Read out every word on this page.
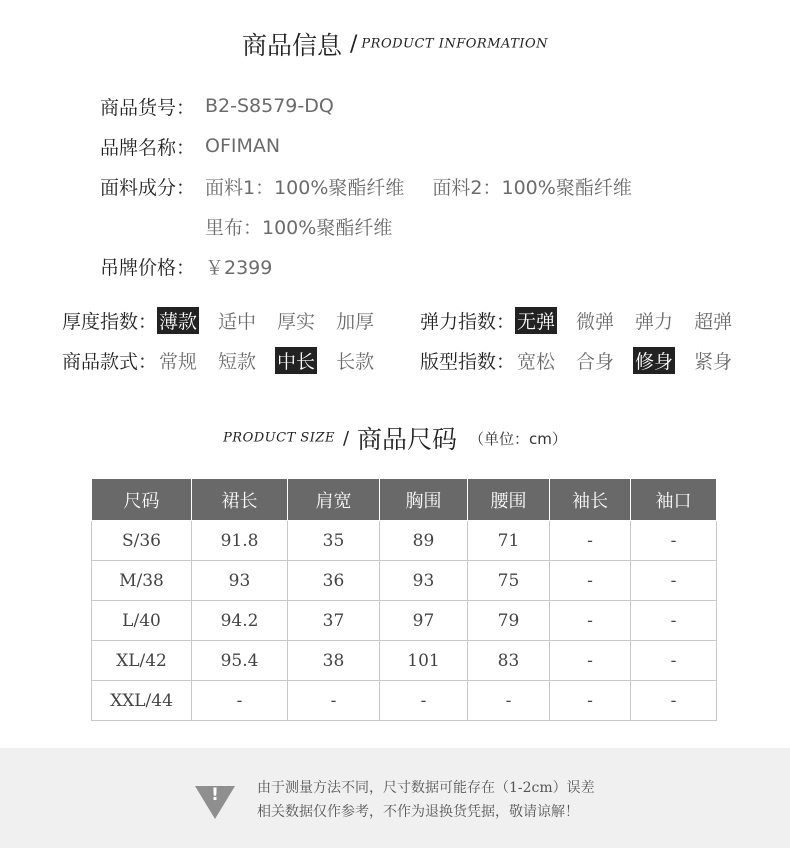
商品信息 / PRODUCT INFORMATION
商品货号： B2-S8579-DQ
品牌名称： OFIMAN
面料成分： 面料1：100%聚酯纤维 面料2：100%聚酯纤维
里布：100%聚酯纤维
吊牌价格： ￥2399
厚度指数： 薄款 适中 厚实 加厚 弹力指数： 无弹 微弹 弹力 超弹
商品款式： 常规 短款 中长 长款 版型指数： 宽松 合身 修身 紧身
PRODUCT SIZE / 商品尺码 （单位：cm）
尺码	裙长	肩宽	胸围	腰围	袖长	袖口
S/36	91.8	35	89	71	-	-
M/38	93	36	93	75	-	-
L/40	94.2	37	97	79	-	-
XL/42	95.4	38	101	83	-	-
XXL/44	-	-	-	-	-	-
!	由于测量方法不同，尺寸数据可能存在（1-2cm）误差
相关数据仅作参考，不作为退换货凭据，敬请谅解！
